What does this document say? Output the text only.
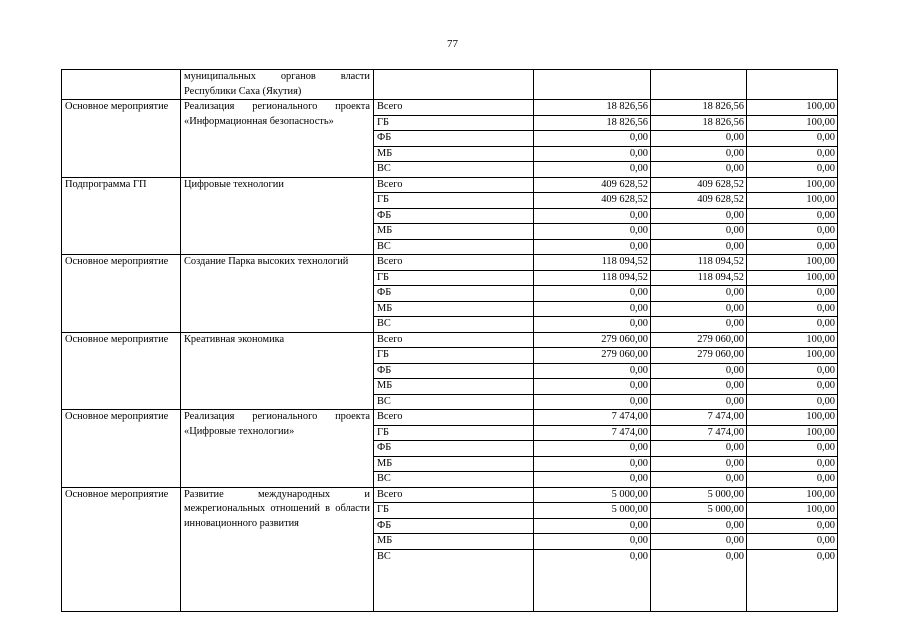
77
	муниципальных органов власти Республики Саха (Якутия)				
Основное мероприятие	Реализация регионального проекта «Информационная безопасность»	Всего	18 826,56	18 826,56	100,00
		ГБ	18 826,56	18 826,56	100,00
		ФБ	0,00	0,00	0,00
		МБ	0,00	0,00	0,00
		ВС	0,00	0,00	0,00
Подпрограмма ГП	Цифровые технологии	Всего	409 628,52	409 628,52	100,00
		ГБ	409 628,52	409 628,52	100,00
		ФБ	0,00	0,00	0,00
		МБ	0,00	0,00	0,00
		ВС	0,00	0,00	0,00
Основное мероприятие	Создание Парка высоких технологий	Всего	118 094,52	118 094,52	100,00
		ГБ	118 094,52	118 094,52	100,00
		ФБ	0,00	0,00	0,00
		МБ	0,00	0,00	0,00
		ВС	0,00	0,00	0,00
Основное мероприятие	Креативная экономика	Всего	279 060,00	279 060,00	100,00
		ГБ	279 060,00	279 060,00	100,00
		ФБ	0,00	0,00	0,00
		МБ	0,00	0,00	0,00
		ВС	0,00	0,00	0,00
Основное мероприятие	Реализация регионального проекта «Цифровые технологии»	Всего	7 474,00	7 474,00	100,00
		ГБ	7 474,00	7 474,00	100,00
		ФБ	0,00	0,00	0,00
		МБ	0,00	0,00	0,00
		ВС	0,00	0,00	0,00
Основное мероприятие	Развитие международных и межрегиональных отношений в области инновационного развития	Всего	5 000,00	5 000,00	100,00
		ГБ	5 000,00	5 000,00	100,00
		ФБ	0,00	0,00	0,00
		МБ	0,00	0,00	0,00
		ВС	0,00	0,00	0,00
